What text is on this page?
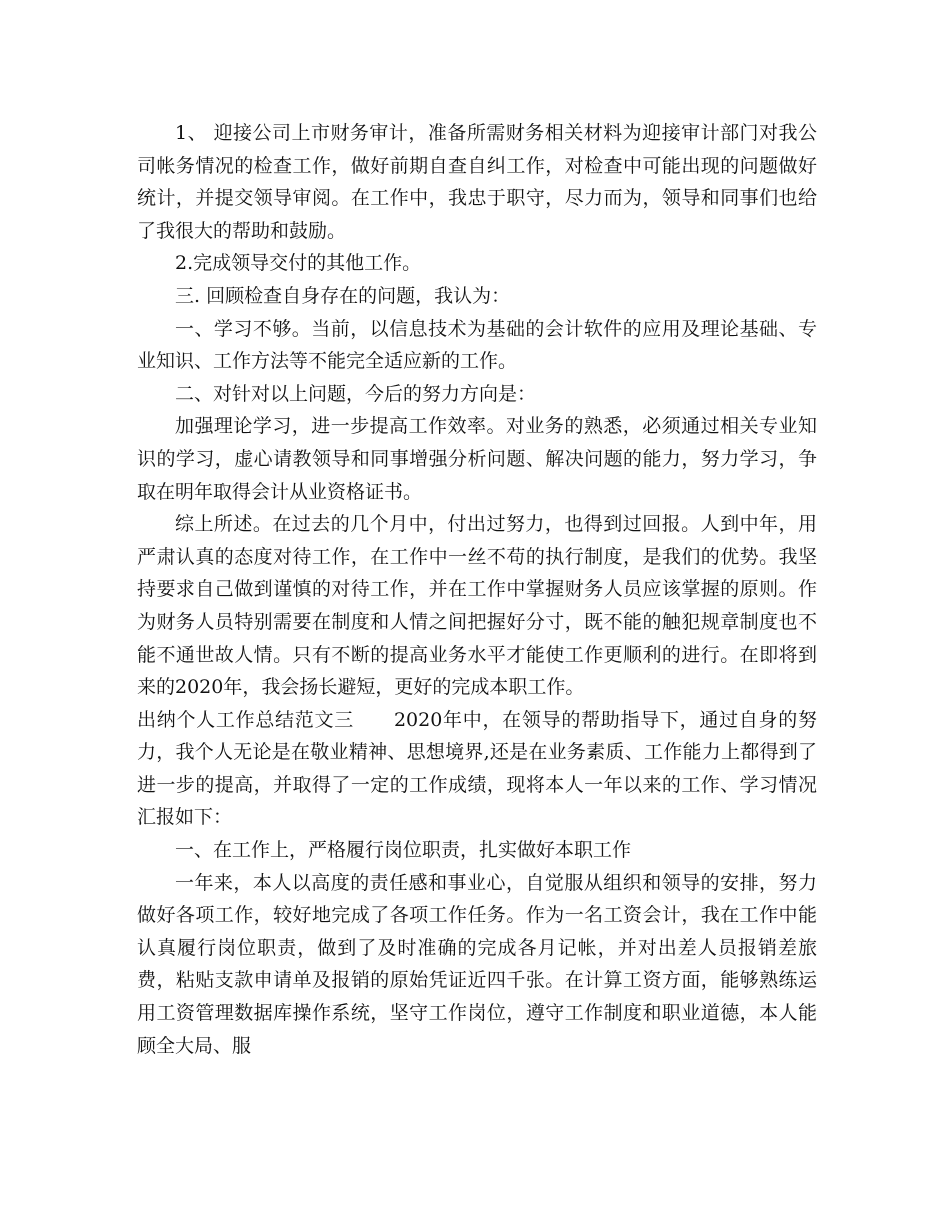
1、 迎接公司上市财务审计，准备所需财务相关材料为迎接审计部门对我公司帐务情况的检查工作，做好前期自查自纠工作，对检查中可能出现的问题做好统计，并提交领导审阅。在工作中，我忠于职守，尽力而为，领导和同事们也给了我很大的帮助和鼓励。

2.完成领导交付的其他工作。

三. 回顾检查自身存在的问题，我认为：

一、学习不够。当前，以信息技术为基础的会计软件的应用及理论基础、专业知识、工作方法等不能完全适应新的工作。

二、对针对以上问题，今后的努力方向是：

加强理论学习，进一步提高工作效率。对业务的熟悉，必须通过相关专业知识的学习，虚心请教领导和同事增强分析问题、解决问题的能力，努力学习，争取在明年取得会计从业资格证书。

综上所述。在过去的几个月中，付出过努力，也得到过回报。人到中年，用严肃认真的态度对待工作，在工作中一丝不苟的执行制度，是我们的优势。我坚持要求自己做到谨慎的对待工作，并在工作中掌握财务人员应该掌握的原则。作为财务人员特别需要在制度和人情之间把握好分寸，既不能的触犯规章制度也不能不通世故人情。只有不断的提高业务水平才能使工作更顺利的进行。在即将到来的2020年，我会扬长避短，更好的完成本职工作。

出纳个人工作总结范文三 2020年中，在领导的帮助指导下，通过自身的努力，我个人无论是在敬业精神、思想境界,还是在业务素质、工作能力上都得到了进一步的提高，并取得了一定的工作成绩，现将本人一年以来的工作、学习情况汇报如下：

一、在工作上，严格履行岗位职责，扎实做好本职工作

一年来，本人以高度的责任感和事业心，自觉服从组织和领导的安排，努力做好各项工作，较好地完成了各项工作任务。作为一名工资会计，我在工作中能认真履行岗位职责，做到了及时准确的完成各月记帐，并对出差人员报销差旅费，粘贴支款申请单及报销的原始凭证近四千张。在计算工资方面，能够熟练运用工资管理数据库操作系统，坚守工作岗位，遵守工作制度和职业道德，本人能顾全大局、服
